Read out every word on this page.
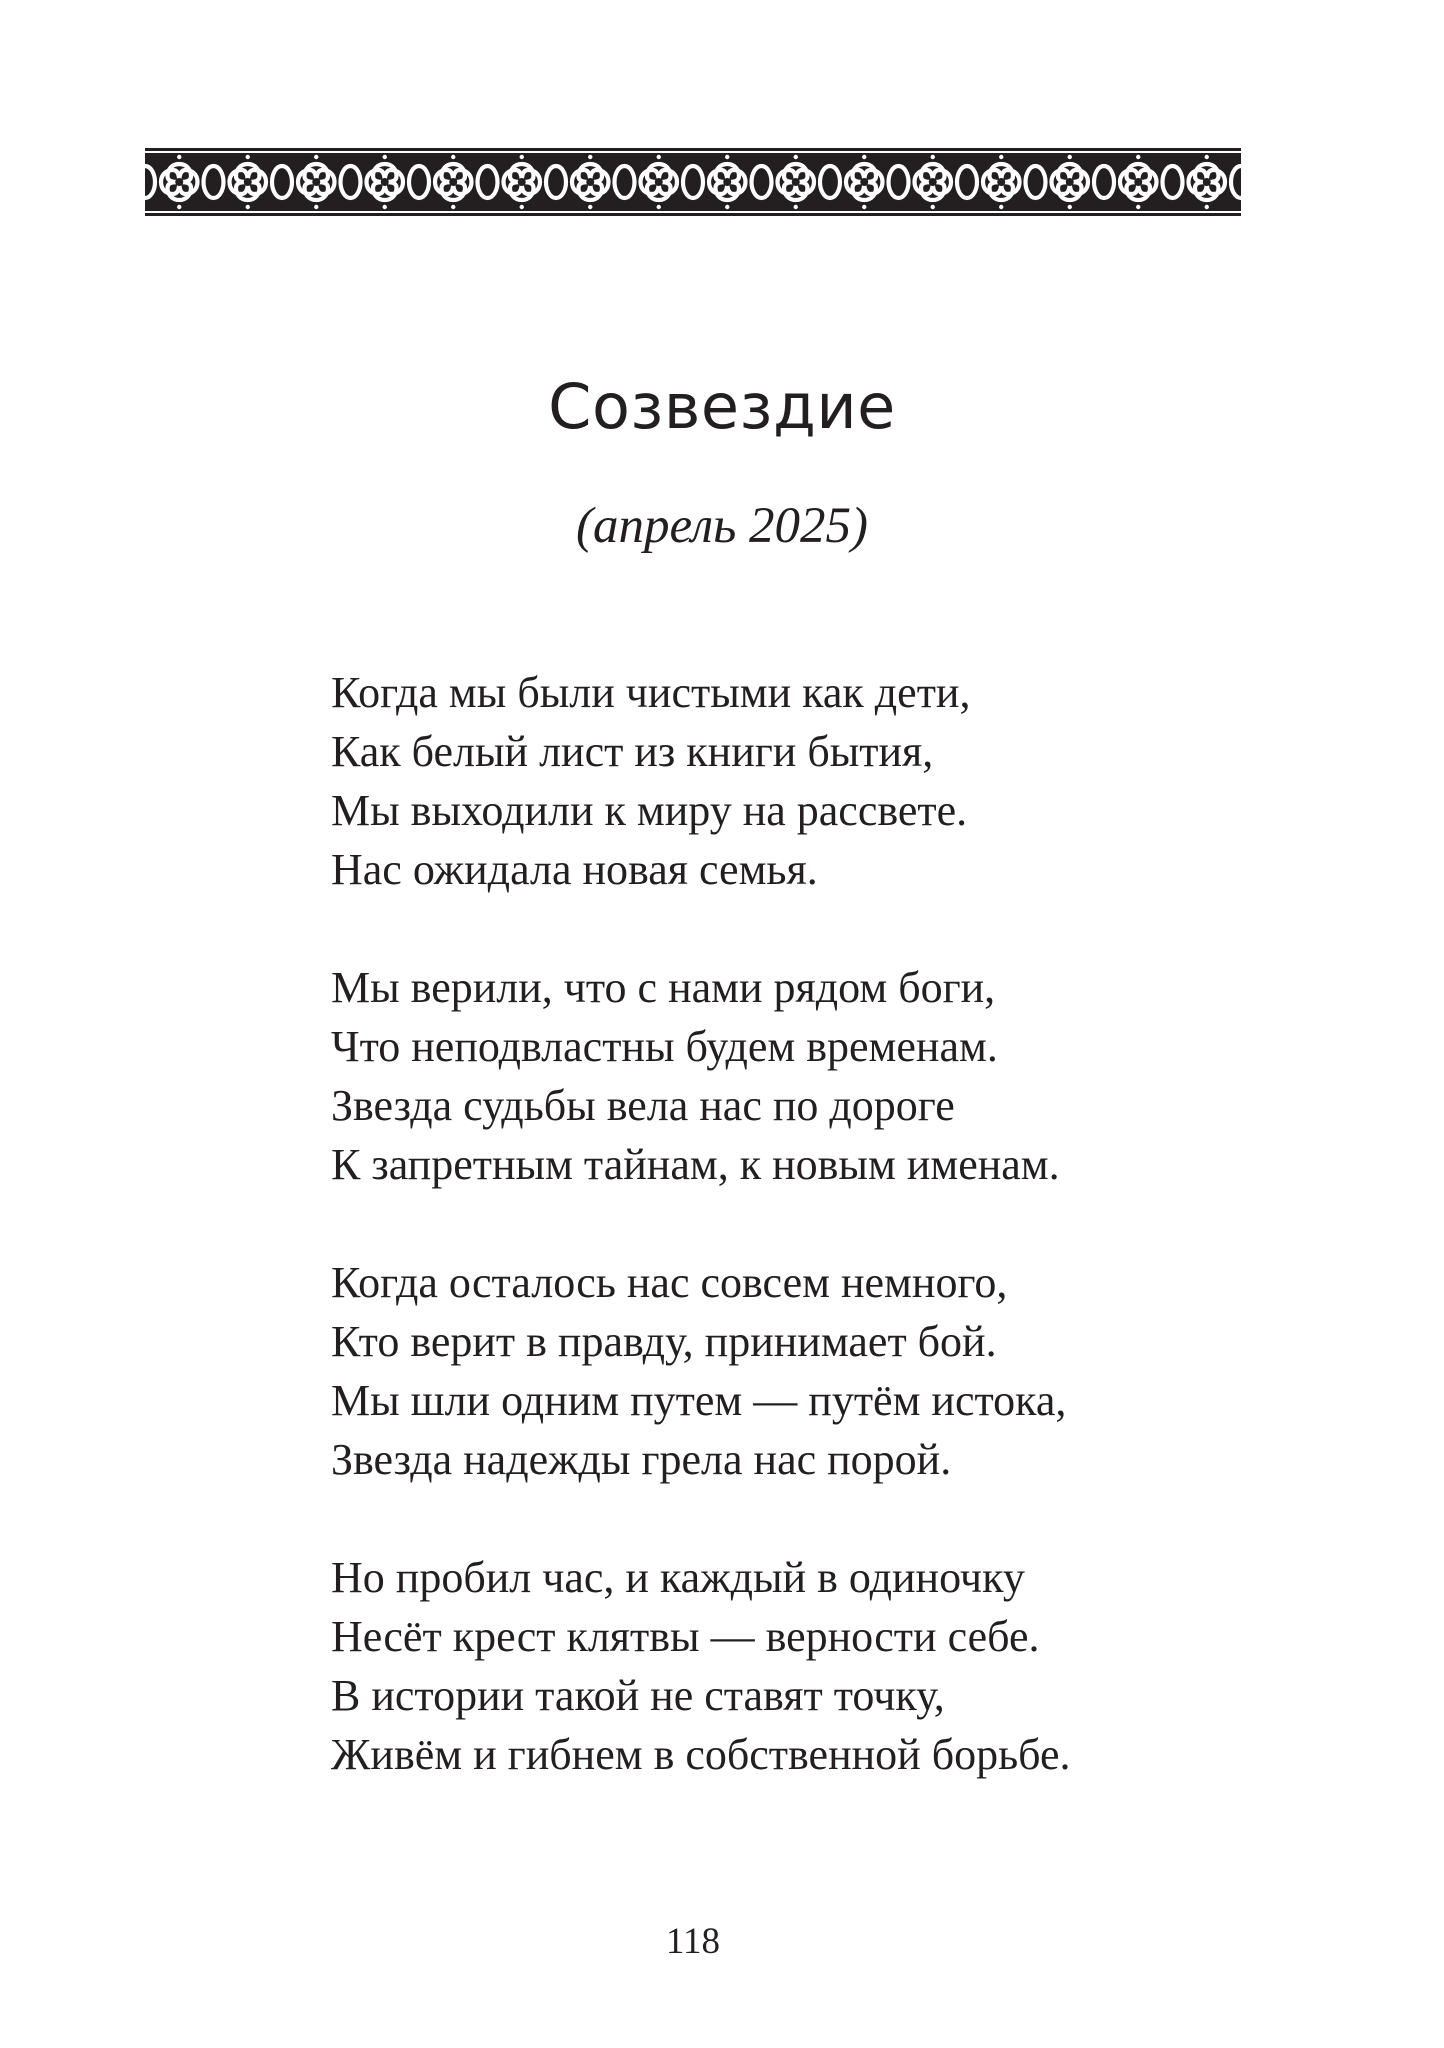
Созвездие

(апрель 2025)

Когда мы были чистыми как дети,
Как белый лист из книги бытия,
Мы выходили к миру на рассвете.
Нас ожидала новая семья.
Мы верили, что с нами рядом боги,
Что неподвластны будем временам.
Звезда судьбы вела нас по дороге
К запретным тайнам, к новым именам.
Когда осталось нас совсем немного,
Кто верит в правду, принимает бой.
Мы шли одним путем — путём истока,
Звезда надежды грела нас порой.
Но пробил час, и каждый в одиночку
Несёт крест клятвы — верности себе.
В истории такой не ставят точку,
Живём и гибнем в собственной борьбе.
118
